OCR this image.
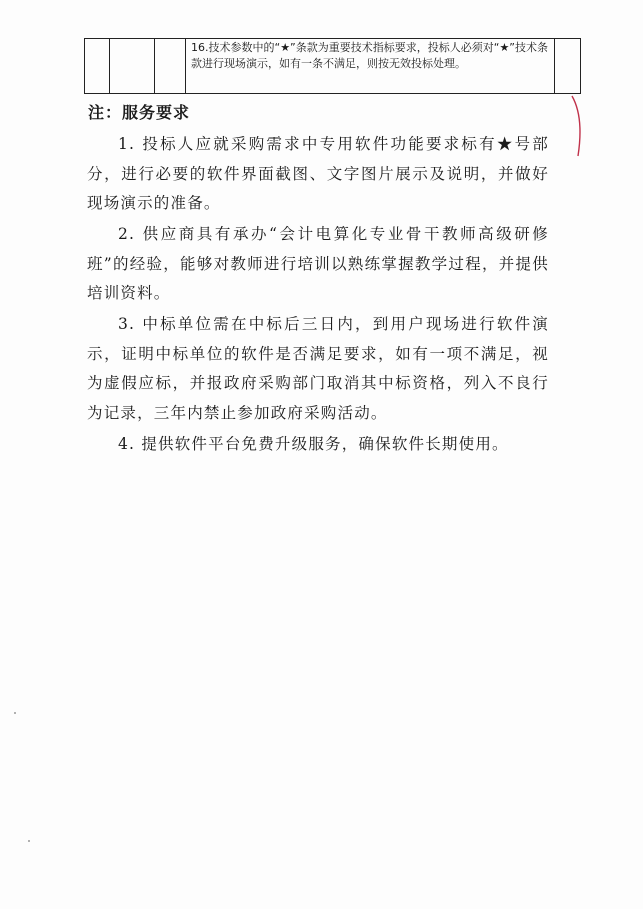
			16.技术参数中的“★”条款为重要技术指标要求，投标人必须对“★”技术条款进行现场演示，如有一条不满足，则按无效投标处理。	
注：服务要求

1. 投标人应就采购需求中专用软件功能要求标有★号部分，进行必要的软件界面截图、文字图片展示及说明，并做好现场演示的准备。

2. 供应商具有承办“会计电算化专业骨干教师高级研修班”的经验，能够对教师进行培训以熟练掌握教学过程，并提供培训资料。

3. 中标单位需在中标后三日内，到用户现场进行软件演示，证明中标单位的软件是否满足要求，如有一项不满足，视为虚假应标，并报政府采购部门取消其中标资格，列入不良行为记录，三年内禁止参加政府采购活动。

4. 提供软件平台免费升级服务，确保软件长期使用。
